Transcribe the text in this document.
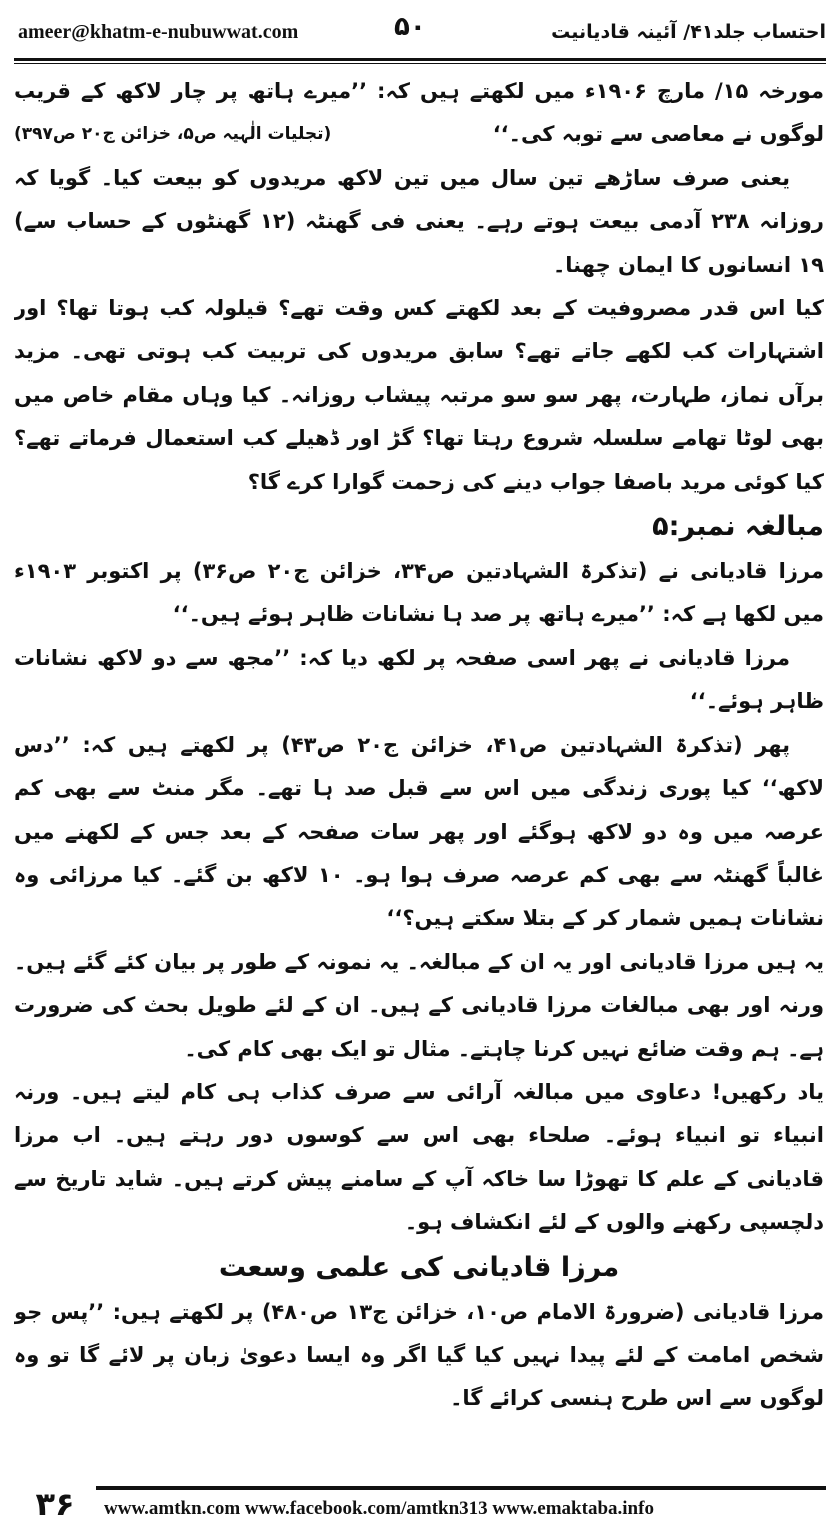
ameer@khatm-e-nubuwwat.com	۵۰	احتساب جلد۴۱/ آئینہ قادیانیت

مورخہ ۱۵/ مارچ ۱۹۰۶ء میں لکھتے ہیں کہ: ’’میرے ہاتھ پر چار لاکھ کے قریب لوگوں نے معاصی سے توبہ کی۔‘‘
(تجلیات الٰہیہ ص۵، خزائن ج۲۰ ص۳۹۷)

یعنی صرف ساڑھے تین سال میں تین لاکھ مریدوں کو بیعت کیا۔ گویا کہ روزانہ ۲۳۸ آدمی بیعت ہوتے رہے۔ یعنی فی گھنٹہ (۱۲ گھنٹوں کے حساب سے) ۱۹ انسانوں کا ایمان چھنا۔

کیا اس قدر مصروفیت کے بعد لکھتے کس وقت تھے؟ قیلولہ کب ہوتا تھا؟ اور اشتہارات کب لکھے جاتے تھے؟ سابق مریدوں کی تربیت کب ہوتی تھی۔ مزید برآں نماز، طہارت، پھر سو سو مرتبہ پیشاب روزانہ۔ کیا وہاں مقام خاص میں بھی لوٹا تھامے سلسلہ شروع رہتا تھا؟ گڑ اور ڈھیلے کب استعمال فرماتے تھے؟ کیا کوئی مرید باصفا جواب دینے کی زحمت گوارا کرے گا؟

مبالغہ نمبر:۵

مرزا قادیانی نے (تذکرۃ الشہادتین ص۳۴، خزائن ج۲۰ ص۳۶) پر اکتوبر ۱۹۰۳ء میں لکھا ہے کہ: ’’میرے ہاتھ پر صد ہا نشانات ظاہر ہوئے ہیں۔‘‘

مرزا قادیانی نے پھر اسی صفحہ پر لکھ دیا کہ: ’’مجھ سے دو لاکھ نشانات ظاہر ہوئے۔‘‘

پھر (تذکرۃ الشہادتین ص۴۱، خزائن ج۲۰ ص۴۳) پر لکھتے ہیں کہ: ’’دس لاکھ‘‘ کیا پوری زندگی میں اس سے قبل صد ہا تھے۔ مگر منٹ سے بھی کم عرصہ میں وہ دو لاکھ ہوگئے اور پھر سات صفحہ کے بعد جس کے لکھنے میں غالباً گھنٹہ سے بھی کم عرصہ صرف ہوا ہو۔ ۱۰ لاکھ بن گئے۔ کیا مرزائی وہ نشانات ہمیں شمار کر کے بتلا سکتے ہیں؟‘‘

یہ ہیں مرزا قادیانی اور یہ ان کے مبالغہ۔ یہ نمونہ کے طور پر بیان کئے گئے ہیں۔ ورنہ اور بھی مبالغات مرزا قادیانی کے ہیں۔ ان کے لئے طویل بحث کی ضرورت ہے۔ ہم وقت ضائع نہیں کرنا چاہتے۔ مثال تو ایک بھی کام کی۔

یاد رکھیں! دعاوی میں مبالغہ آرائی سے صرف کذاب ہی کام لیتے ہیں۔ ورنہ انبیاء تو انبیاء ہوئے۔ صلحاء بھی اس سے کوسوں دور رہتے ہیں۔ اب مرزا قادیانی کے علم کا تھوڑا سا خاکہ آپ کے سامنے پیش کرتے ہیں۔ شاید تاریخ سے دلچسپی رکھنے والوں کے لئے انکشاف ہو۔

مرزا قادیانی کی علمی وسعت

مرزا قادیانی (ضرورۃ الامام ص۱۰، خزائن ج۱۳ ص۴۸۰) پر لکھتے ہیں: ’’پس جو شخص امامت کے لئے پیدا نہیں کیا گیا اگر وہ ایسا دعویٰ زبان پر لائے گا تو وہ لوگوں سے اس طرح ہنسی کرائے گا۔

۳۶	www.amtkn.com www.facebook.com/amtkn313 www.emaktaba.info
